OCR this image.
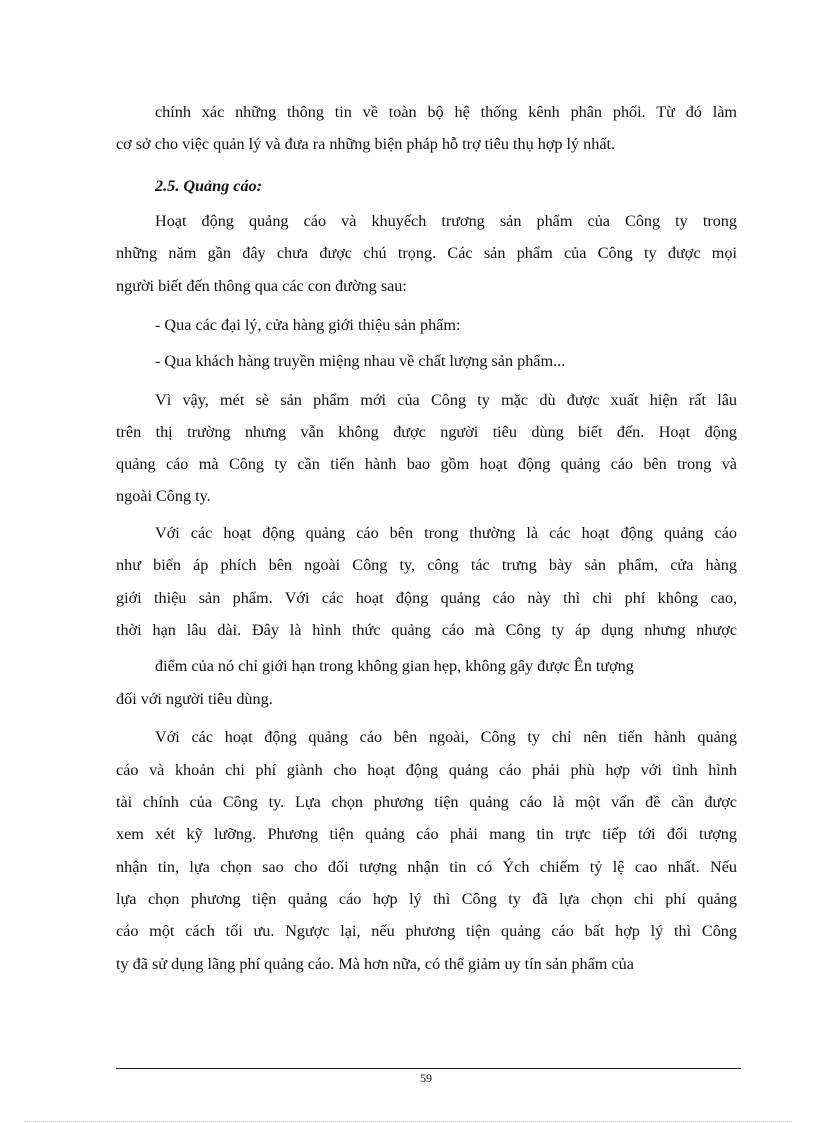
chính xác những thông tin về toàn bộ hệ thống kênh phân phối. Từ đó làm
cơ sở cho việc quản lý và đưa ra những biện pháp hỗ trợ tiêu thụ hợp lý nhất.
2.5. Quảng cáo:
Hoạt động quảng cáo và khuyếch trương sản phẩm của Công ty trong
những năm gần đây chưa được chú trọng. Các sản phẩm của Công ty được mọi
người biết đến thông qua các con đường sau:
- Qua các đại lý, cửa hàng giới thiệu sản phẩm:
- Qua khách hàng truyền miệng nhau về chất lượng sản phẩm...
Vì vậy, mét sè sản phẩm mới của Công ty mặc dù được xuất hiện rất lâu
trên thị trường nhưng vẫn không được người tiêu dùng biết đến. Hoạt động
quảng cáo mà Công ty cần tiến hành bao gồm hoạt động quảng cáo bên trong và
ngoài Công ty.
Với các hoạt động quảng cáo bên trong thường là các hoạt động quảng cáo
như biển áp phích bên ngoài Công ty, công tác trưng bày sản phẩm, cửa hàng
giới thiệu sản phẩm. Với các hoạt động quảng cáo này thì chi phí không cao,
thời hạn lâu dài. Đây là hình thức quảng cáo mà Công ty áp dụng nhưng nhược
điểm của nó chỉ giới hạn trong không gian hẹp, không gây được Ên tượng
đối với người tiêu dùng.
Với các hoạt động quảng cáo bên ngoài, Công ty chỉ nên tiến hành quảng
cáo và khoản chi phí giành cho hoạt động quảng cáo phải phù hợp với tình hình
tài chính của Công ty. Lựa chọn phương tiện quảng cáo là một vấn đề cần được
xem xét kỹ lưỡng. Phương tiện quảng cáo phải mang tin trực tiếp tới đối tượng
nhận tin, lựa chọn sao cho đối tượng nhận tin có Ých chiếm tỷ lệ cao nhất. Nếu
lựa chọn phương tiện quảng cáo hợp lý thì Công ty đã lựa chọn chi phí quảng
cáo một cách tối ưu. Ngược lại, nếu phương tiện quảng cáo bất hợp lý thì Công
ty đã sử dụng lãng phí quảng cáo. Mà hơn nữa, có thể giảm uy tín sản phẩm của
59
